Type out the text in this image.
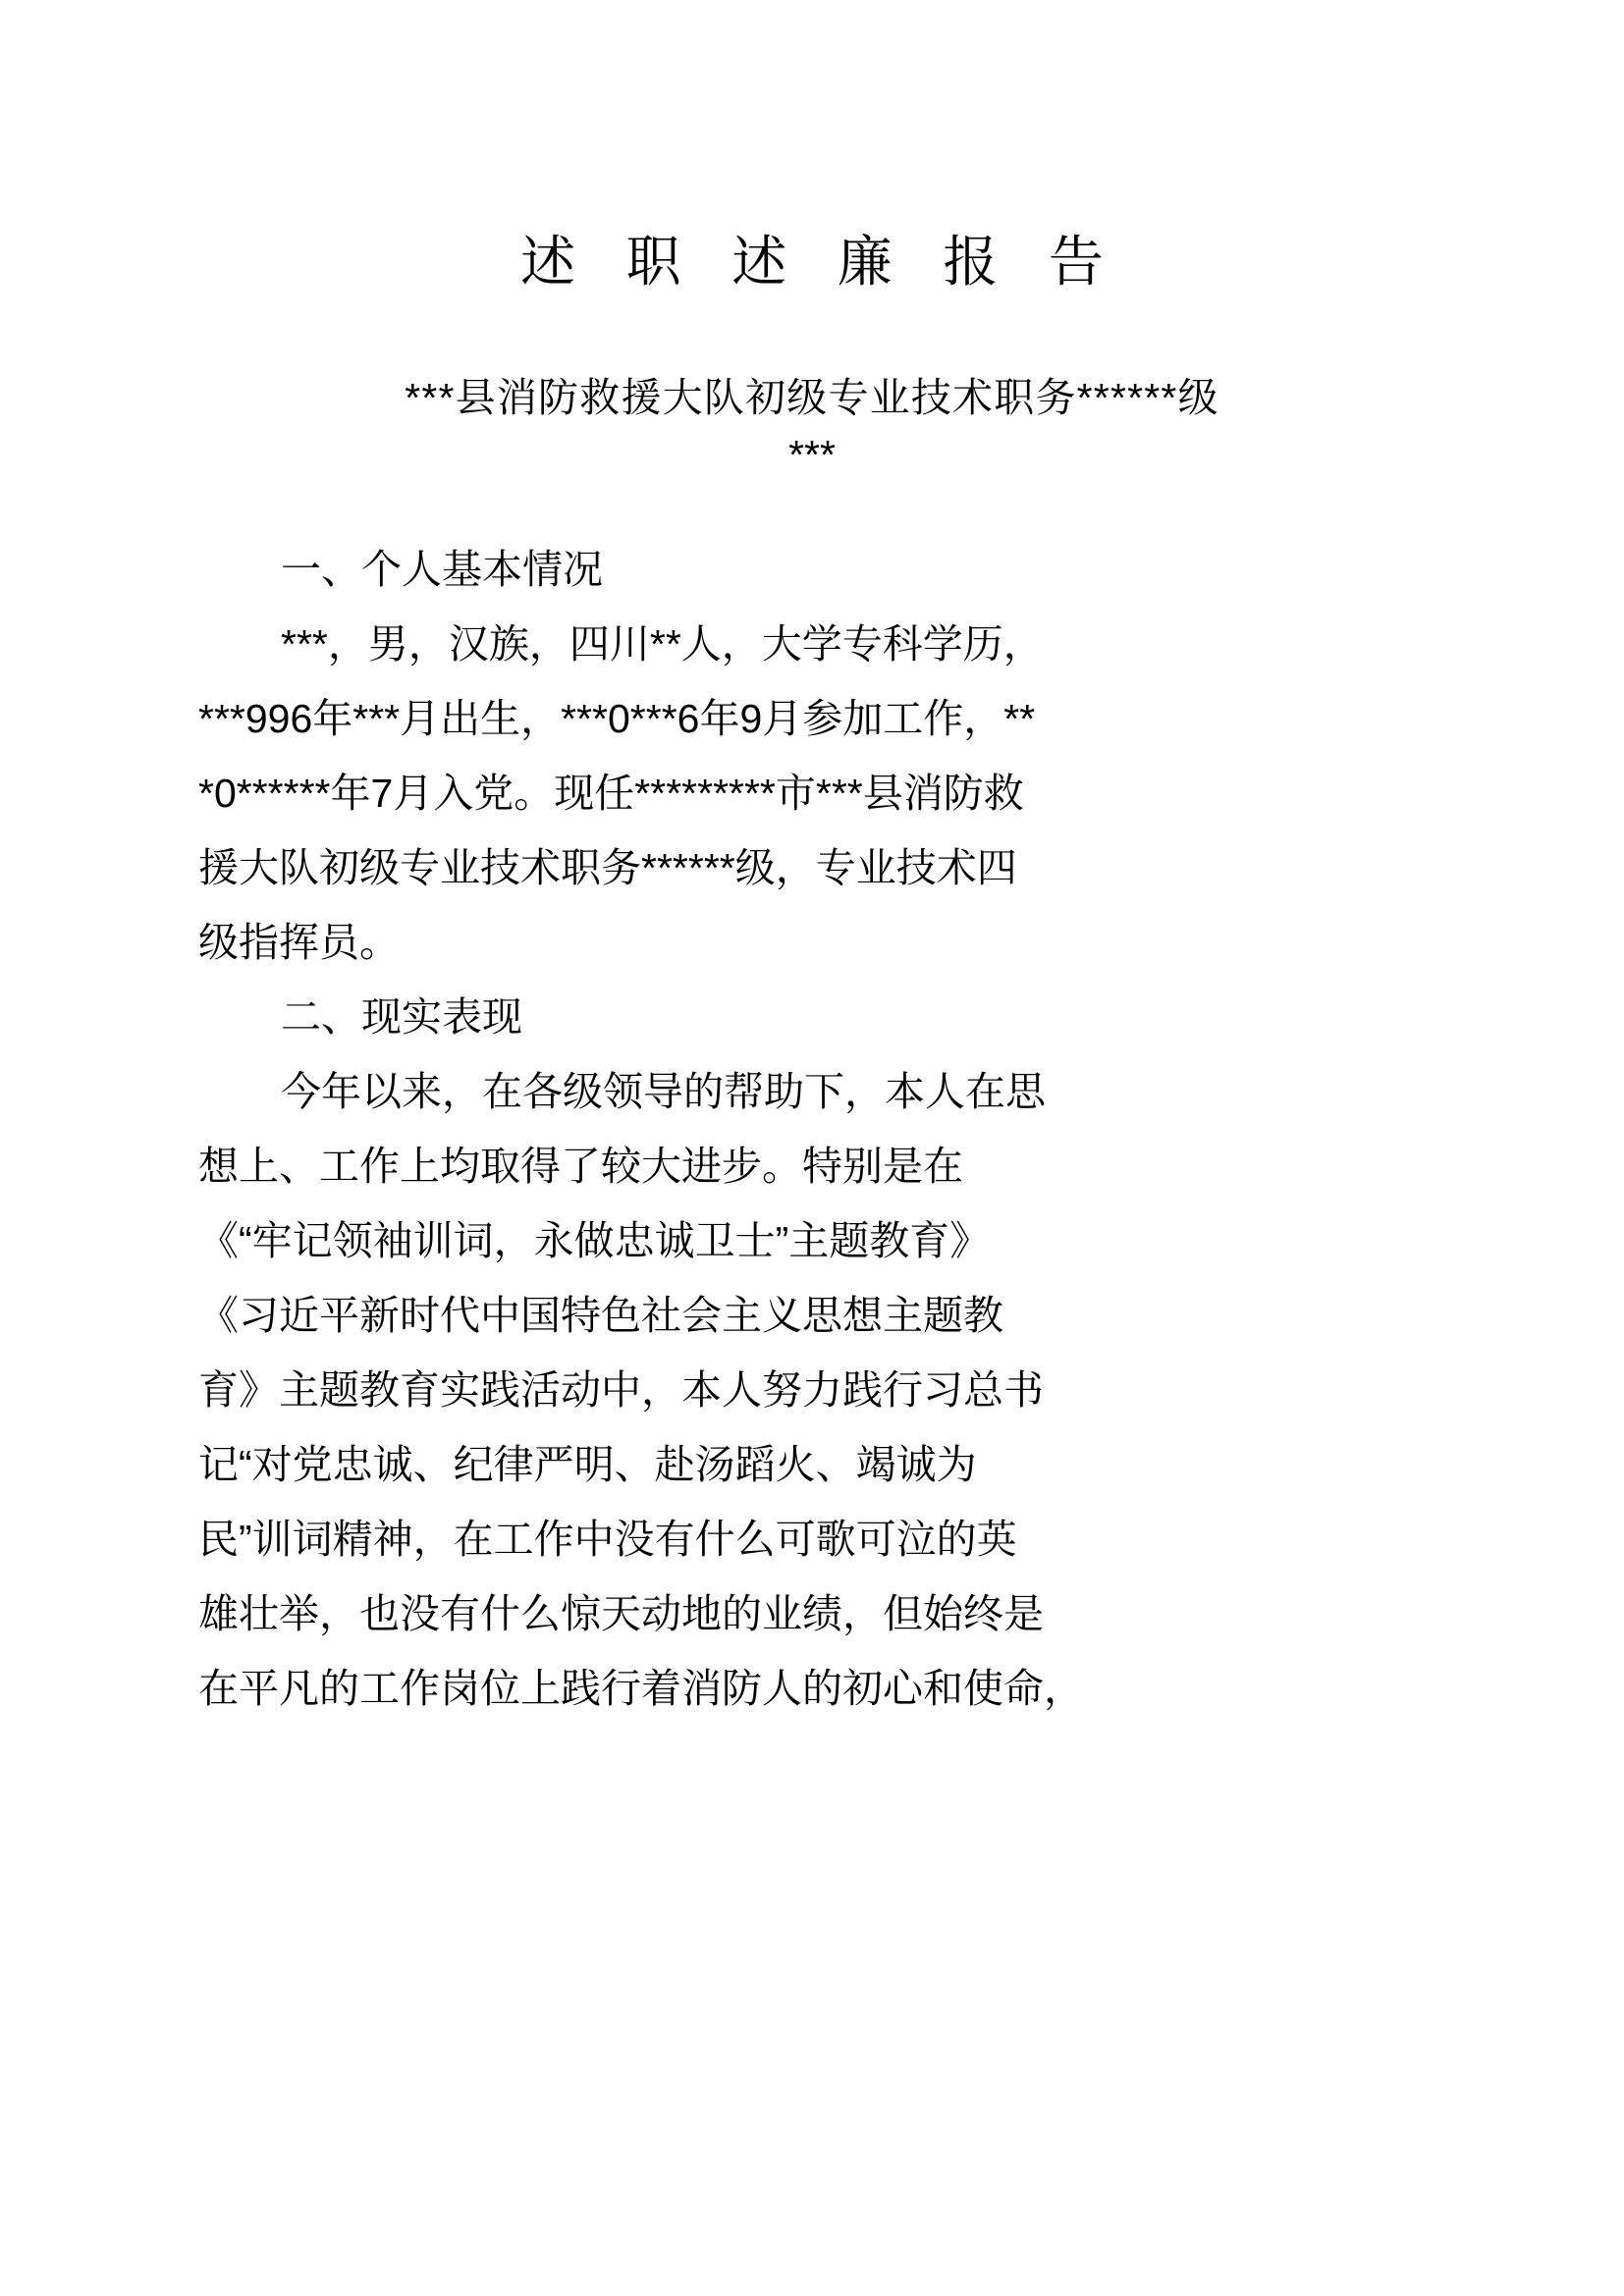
述 职 述 廉 报 告
***县消防救援大队初级专业技术职务******级
***
一、个人基本情况
***，男，汉族，四川**人，大学专科学历，
***996年***月出生，***0***6年9月参加工作，**
*0******年7月入党。现任*********市***县消防救
援大队初级专业技术职务******级，专业技术四
级指挥员。
二、现实表现
今年以来，在各级领导的帮助下，本人在思
想上、工作上均取得了较大进步。特别是在
《“牢记领袖训词，永做忠诚卫士”主题教育》
《习近平新时代中国特色社会主义思想主题教
育》主题教育实践活动中，本人努力践行习总书
记“对党忠诚、纪律严明、赴汤蹈火、竭诚为
民”训词精神，在工作中没有什么可歌可泣的英
雄壮举，也没有什么惊天动地的业绩，但始终是
在平凡的工作岗位上践行着消防人的初心和使命，
